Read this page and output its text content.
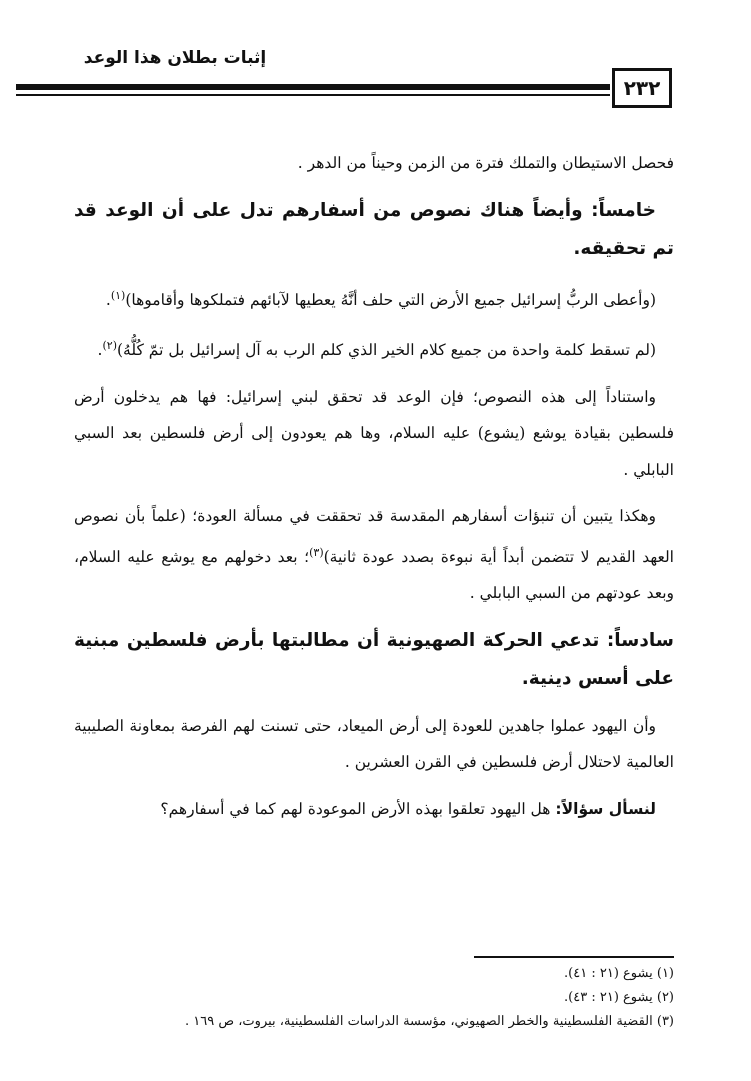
إثبات بطلان هذا الوعد
٢٣٢

فحصل الاستيطان والتملك فترة من الزمن وحيناً من الدهر .

خامساً: وأيضاً هناك نصوص من أسفارهم تدل على أن الوعد قد تم تحقيقه.

(وأعطى الربُّ إسرائيل جميع الأرض التي حلف أنَّهُ يعطيها لآبائهم فتملكوها وأقاموها)$^{(١)}$.

(لم تسقط كلمة واحدة من جميع كلام الخير الذي كلم الرب به آل إسرائيل بل تمّ كُلُّهُ)$^{(٢)}$.

واستناداً إلى هذه النصوص؛ فإن الوعد قد تحقق لبني إسرائيل: فها هم يدخلون أرض فلسطين بقيادة يوشع (يشوع) عليه السلام، وها هم يعودون إلى أرض فلسطين بعد السبي البابلي .

وهكذا يتبين أن تنبؤات أسفارهم المقدسة قد تحققت في مسألة العودة؛ (علماً بأن نصوص العهد القديم لا تتضمن أبداً أية نبوءة بصدد عودة ثانية)$^{(٣)}$؛ بعد دخولهم مع يوشع عليه السلام، وبعد عودتهم من السبي البابلي .

سادساً: تدعي الحركة الصهيونية أن مطالبتها بأرض فلسطين مبنية على أسس دينية.

وأن اليهود عملوا جاهدين للعودة إلى أرض الميعاد، حتى تسنت لهم الفرصة بمعاونة الصليبية العالمية لاحتلال أرض فلسطين في القرن العشرين .

لنسأل سؤالاً: هل اليهود تعلقوا بهذه الأرض الموعودة لهم كما في أسفارهم؟

(١) يشوع (٢١ : ٤١).
(٢) يشوع (٢١ : ٤٣).
(٣) القضية الفلسطينية والخطر الصهيوني، مؤسسة الدراسات الفلسطينية، بيروت، ص ١٦٩ .
